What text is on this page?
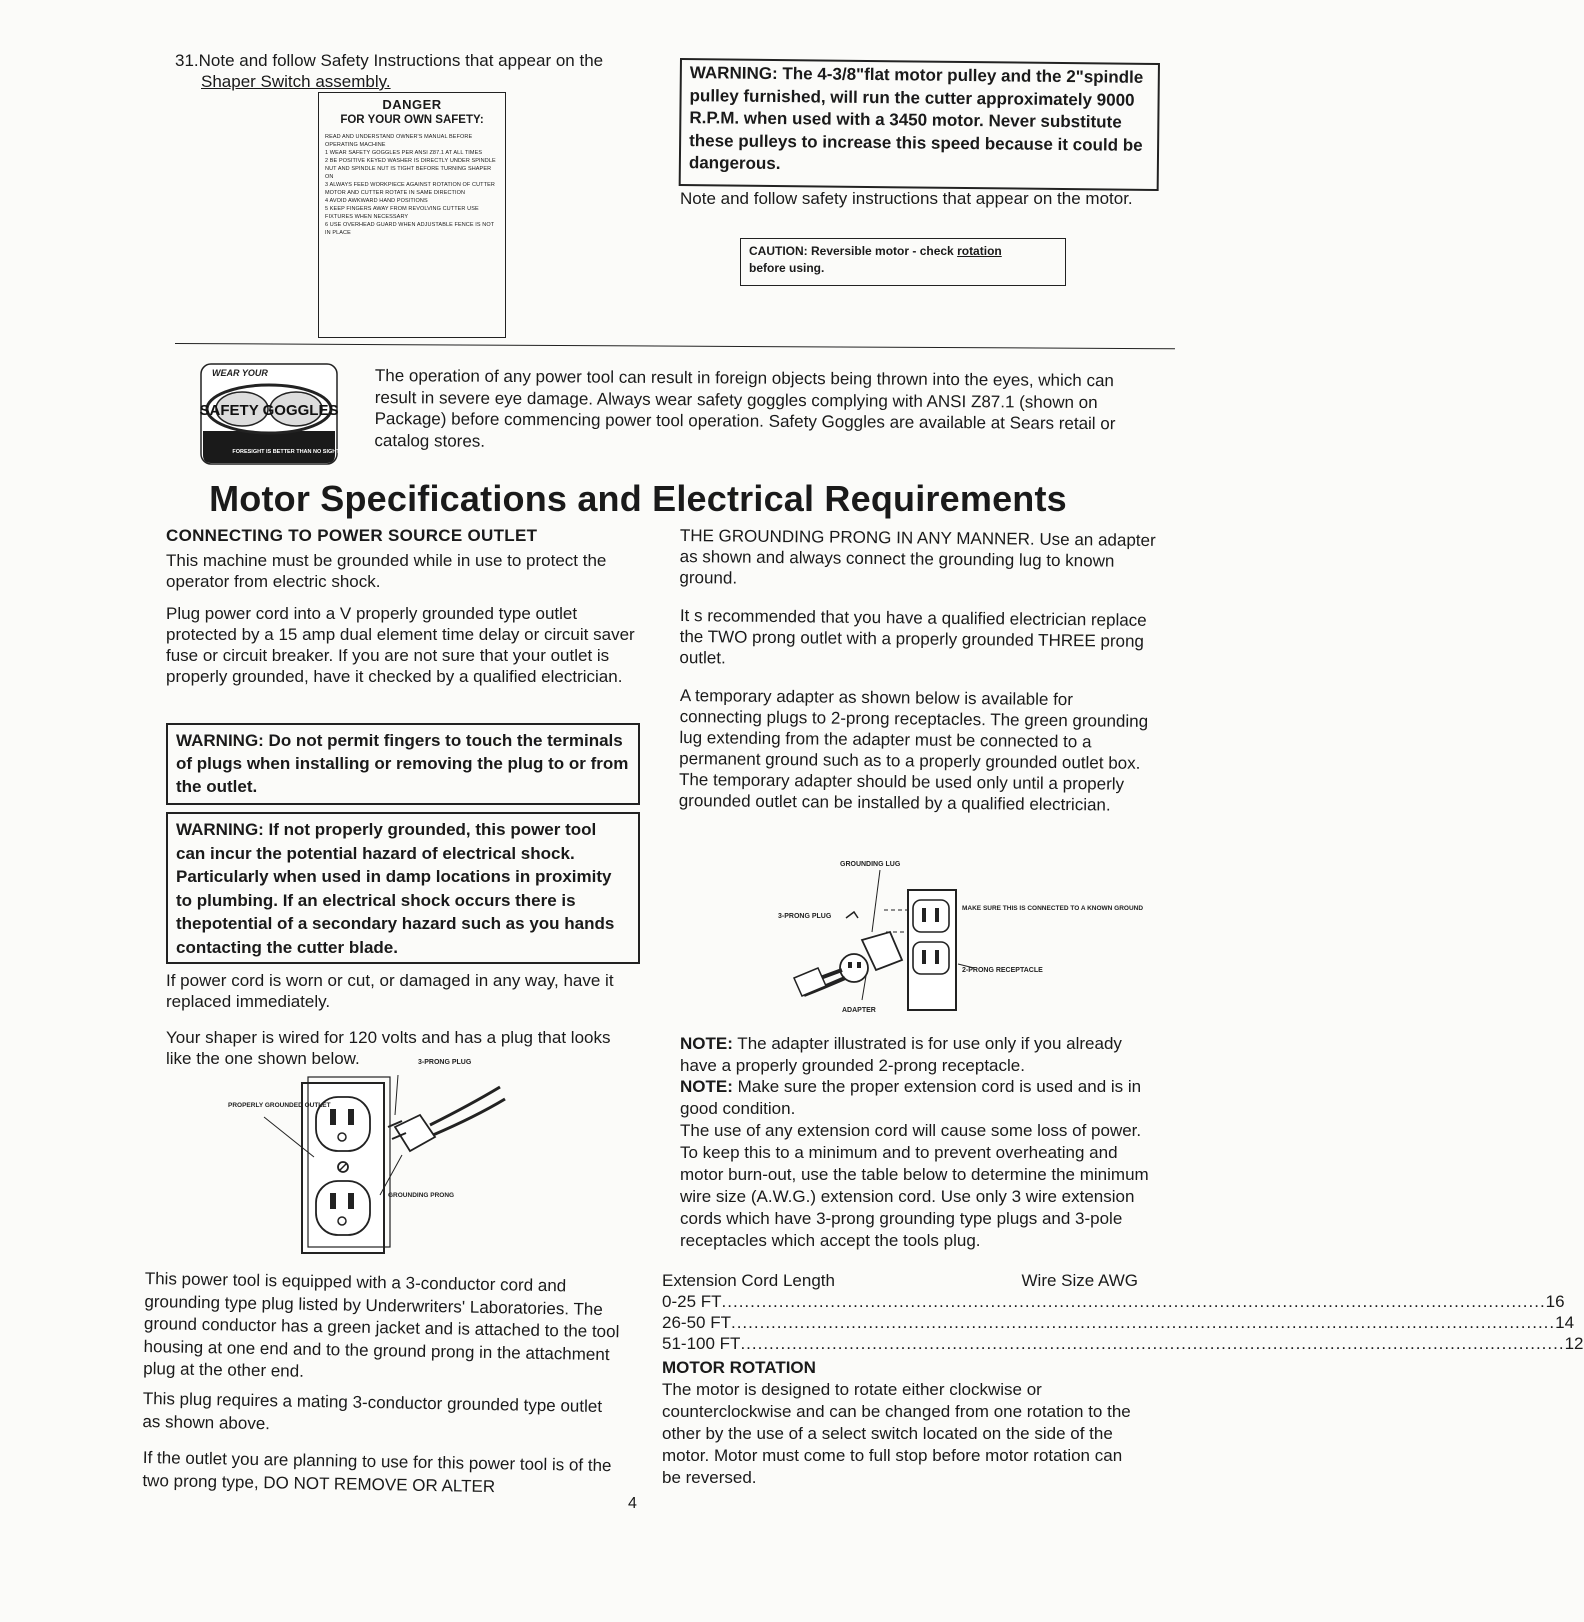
31.Note and follow Safety Instructions that appear on the
Shaper Switch assembly.
DANGER
FOR YOUR OWN SAFETY:
READ AND UNDERSTAND OWNER'S MANUAL BEFORE OPERATING MACHINE
1 WEAR SAFETY GOGGLES PER ANSI Z87.1 AT ALL TIMES
2 BE POSITIVE KEYED WASHER IS DIRECTLY UNDER SPINDLE NUT AND SPINDLE NUT IS TIGHT BEFORE TURNING SHAPER ON
3 ALWAYS FEED WORKPIECE AGAINST ROTATION OF CUTTER MOTOR AND CUTTER ROTATE IN SAME DIRECTION
4 AVOID AWKWARD HAND POSITIONS
5 KEEP FINGERS AWAY FROM REVOLVING CUTTER USE FIXTURES WHEN NECESSARY
6 USE OVERHEAD GUARD WHEN ADJUSTABLE FENCE IS NOT IN PLACE
WARNING: The 4-3/8"flat motor pulley and the 2"spindle pulley furnished, will run the cutter approximately 9000 R.P.M. when used with a 3450 motor. Never substitute these pulleys to increase this speed because it could be dangerous.
Note and follow safety instructions that appear on the motor.
CAUTION: Reversible motor - check rotation
before using.
WEAR YOUR
SAFETY GOGGLES
FORESIGHT IS BETTER THAN NO SIGHT
The operation of any power tool can result in foreign objects being thrown into the eyes, which can result in severe eye damage. Always wear safety goggles complying with ANSI Z87.1 (shown on Package) before commencing power tool operation. Safety Goggles are available at Sears retail or catalog stores.
Motor Specifications and Electrical Requirements
CONNECTING TO POWER SOURCE OUTLET
This machine must be grounded while in use to protect the operator from electric shock.
Plug power cord into a V properly grounded type outlet protected by a 15 amp dual element time delay or circuit saver fuse or circuit breaker. If you are not sure that your outlet is properly grounded, have it checked by a qualified electrician.
WARNING: Do not permit fingers to touch the terminals of plugs when installing or removing the plug to or from the outlet.
WARNING: If not properly grounded, this power tool can incur the potential hazard of electrical shock. Particularly when used in damp locations in proximity to plumbing. If an electrical shock occurs there is thepotential of a secondary hazard such as you hands contacting the cutter blade.
If power cord is worn or cut, or damaged in any way, have it replaced immediately.
Your shaper is wired for 120 volts and has a plug that looks like the one shown below.	3-PRONG PLUG
PROPERLY GROUNDED OUTLET
GROUNDING PRONG
This power tool is equipped with a 3-conductor cord and grounding type plug listed by Underwriters' Laboratories. The ground conductor has a green jacket and is attached to the tool housing at one end and to the ground prong in the attachment plug at the other end.
This plug requires a mating 3-conductor grounded type outlet as shown above.
If the outlet you are planning to use for this power tool is of the two prong type, DO NOT REMOVE OR ALTER
THE GROUNDING PRONG IN ANY MANNER. Use an adapter as shown and always connect the grounding lug to known ground.
It s recommended that you have a qualified electrician replace the TWO prong outlet with a properly grounded THREE prong outlet.
A temporary adapter as shown below is available for connecting plugs to 2-prong receptacles. The green grounding lug extending from the adapter must be connected to a permanent ground such as to a properly grounded outlet box. The temporary adapter should be used only until a properly grounded outlet can be installed by a qualified electrician.
GROUNDING LUG
3-PRONG PLUG
MAKE SURE THIS IS CONNECTED TO A KNOWN GROUND
2-PRONG RECEPTACLE
ADAPTER
NOTE: The adapter illustrated is for use only if you already have a properly grounded 2-prong receptacle.
NOTE: Make sure the proper extension cord is used and is in good condition.
The use of any extension cord will cause some loss of power. To keep this to a minimum and to prevent overheating and motor burn-out, use the table below to determine the minimum wire size (A.W.G.) extension cord. Use only 3 wire extension cords which have 3-prong grounding type plugs and 3-pole receptacles which accept the tools plug.
Extension Cord Length	Wire Size AWG
0-25 FT .....	16
26-50 FT .....	14
51-100 FT .....	12
MOTOR ROTATION
The motor is designed to rotate either clockwise or counterclockwise and can be changed from one rotation to the other by the use of a select switch located on the side of the motor. Motor must come to full stop before motor rotation can be reversed.
4
